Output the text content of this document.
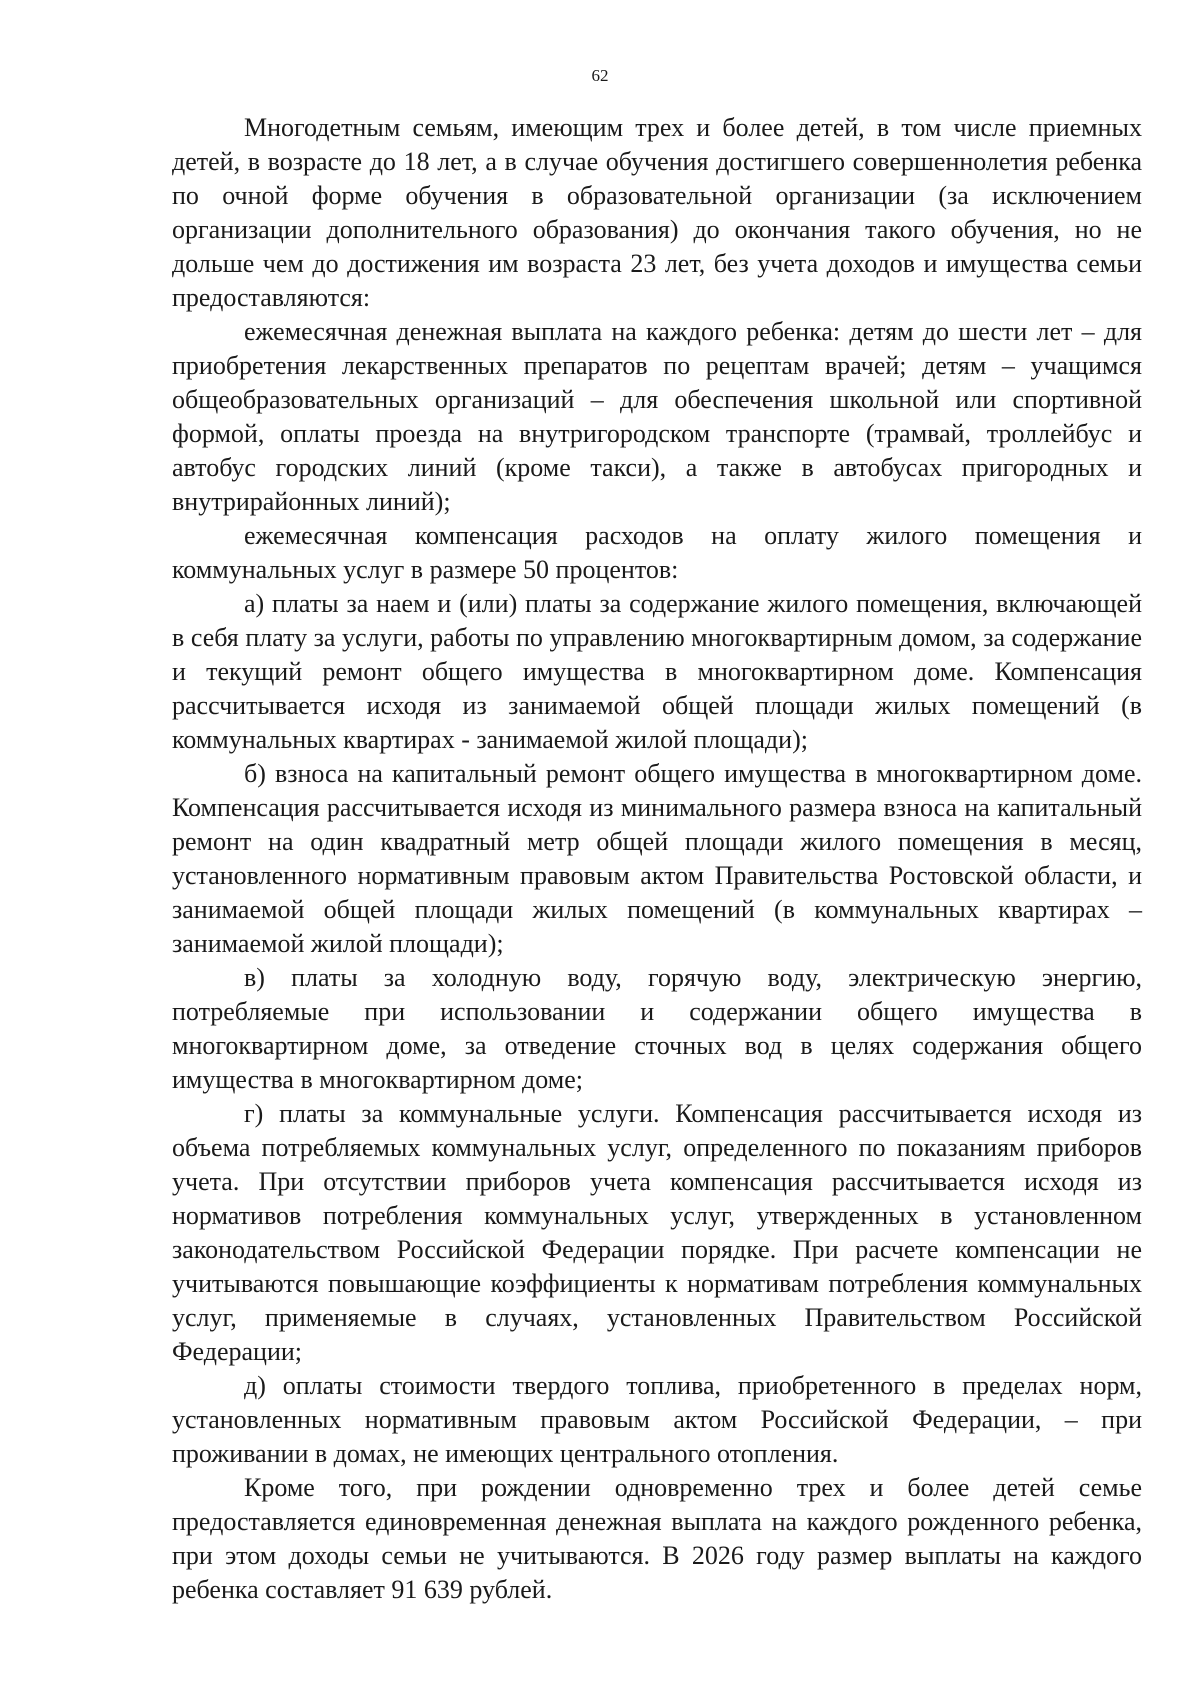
62

Многодетным семьям, имеющим трех и более детей, в том числе приемных детей, в возрасте до 18 лет, а в случае обучения достигшего совершеннолетия ребенка по очной форме обучения в образовательной организации (за исключением организации дополнительного образования) до окончания такого обучения, но не дольше чем до достижения им возраста 23 лет, без учета доходов и имущества семьи предоставляются:

ежемесячная денежная выплата на каждого ребенка: детям до шести лет – для приобретения лекарственных препаратов по рецептам врачей; детям – учащимся общеобразовательных организаций – для обеспечения школьной или спортивной формой, оплаты проезда на внутригородском транспорте (трамвай, троллейбус и автобус городских линий (кроме такси), а также в автобусах пригородных и внутрирайонных линий);

ежемесячная компенсация расходов на оплату жилого помещения и коммунальных услуг в размере 50 процентов:

а) платы за наем и (или) платы за содержание жилого помещения, включающей в себя плату за услуги, работы по управлению многоквартирным домом, за содержание и текущий ремонт общего имущества в многоквартирном доме. Компенсация рассчитывается исходя из занимаемой общей площади жилых помещений (в коммунальных квартирах - занимаемой жилой площади);

б) взноса на капитальный ремонт общего имущества в многоквартирном доме. Компенсация рассчитывается исходя из минимального размера взноса на капитальный ремонт на один квадратный метр общей площади жилого помещения в месяц, установленного нормативным правовым актом Правительства Ростовской области, и занимаемой общей площади жилых помещений (в коммунальных квартирах – занимаемой жилой площади);

в) платы за холодную воду, горячую воду, электрическую энергию, потребляемые при использовании и содержании общего имущества в многоквартирном доме, за отведение сточных вод в целях содержания общего имущества в многоквартирном доме;

г) платы за коммунальные услуги. Компенсация рассчитывается исходя из объема потребляемых коммунальных услуг, определенного по показаниям приборов учета. При отсутствии приборов учета компенсация рассчитывается исходя из нормативов потребления коммунальных услуг, утвержденных в установленном законодательством Российской Федерации порядке. При расчете компенсации не учитываются повышающие коэффициенты к нормативам потребления коммунальных услуг, применяемые в случаях, установленных Правительством Российской Федерации;

д) оплаты стоимости твердого топлива, приобретенного в пределах норм, установленных нормативным правовым актом Российской Федерации, – при проживании в домах, не имеющих центрального отопления.

Кроме того, при рождении одновременно трех и более детей семье предоставляется единовременная денежная выплата на каждого рожденного ребенка, при этом доходы семьи не учитываются. В 2026 году размер выплаты на каждого ребенка составляет 91 639 рублей.
